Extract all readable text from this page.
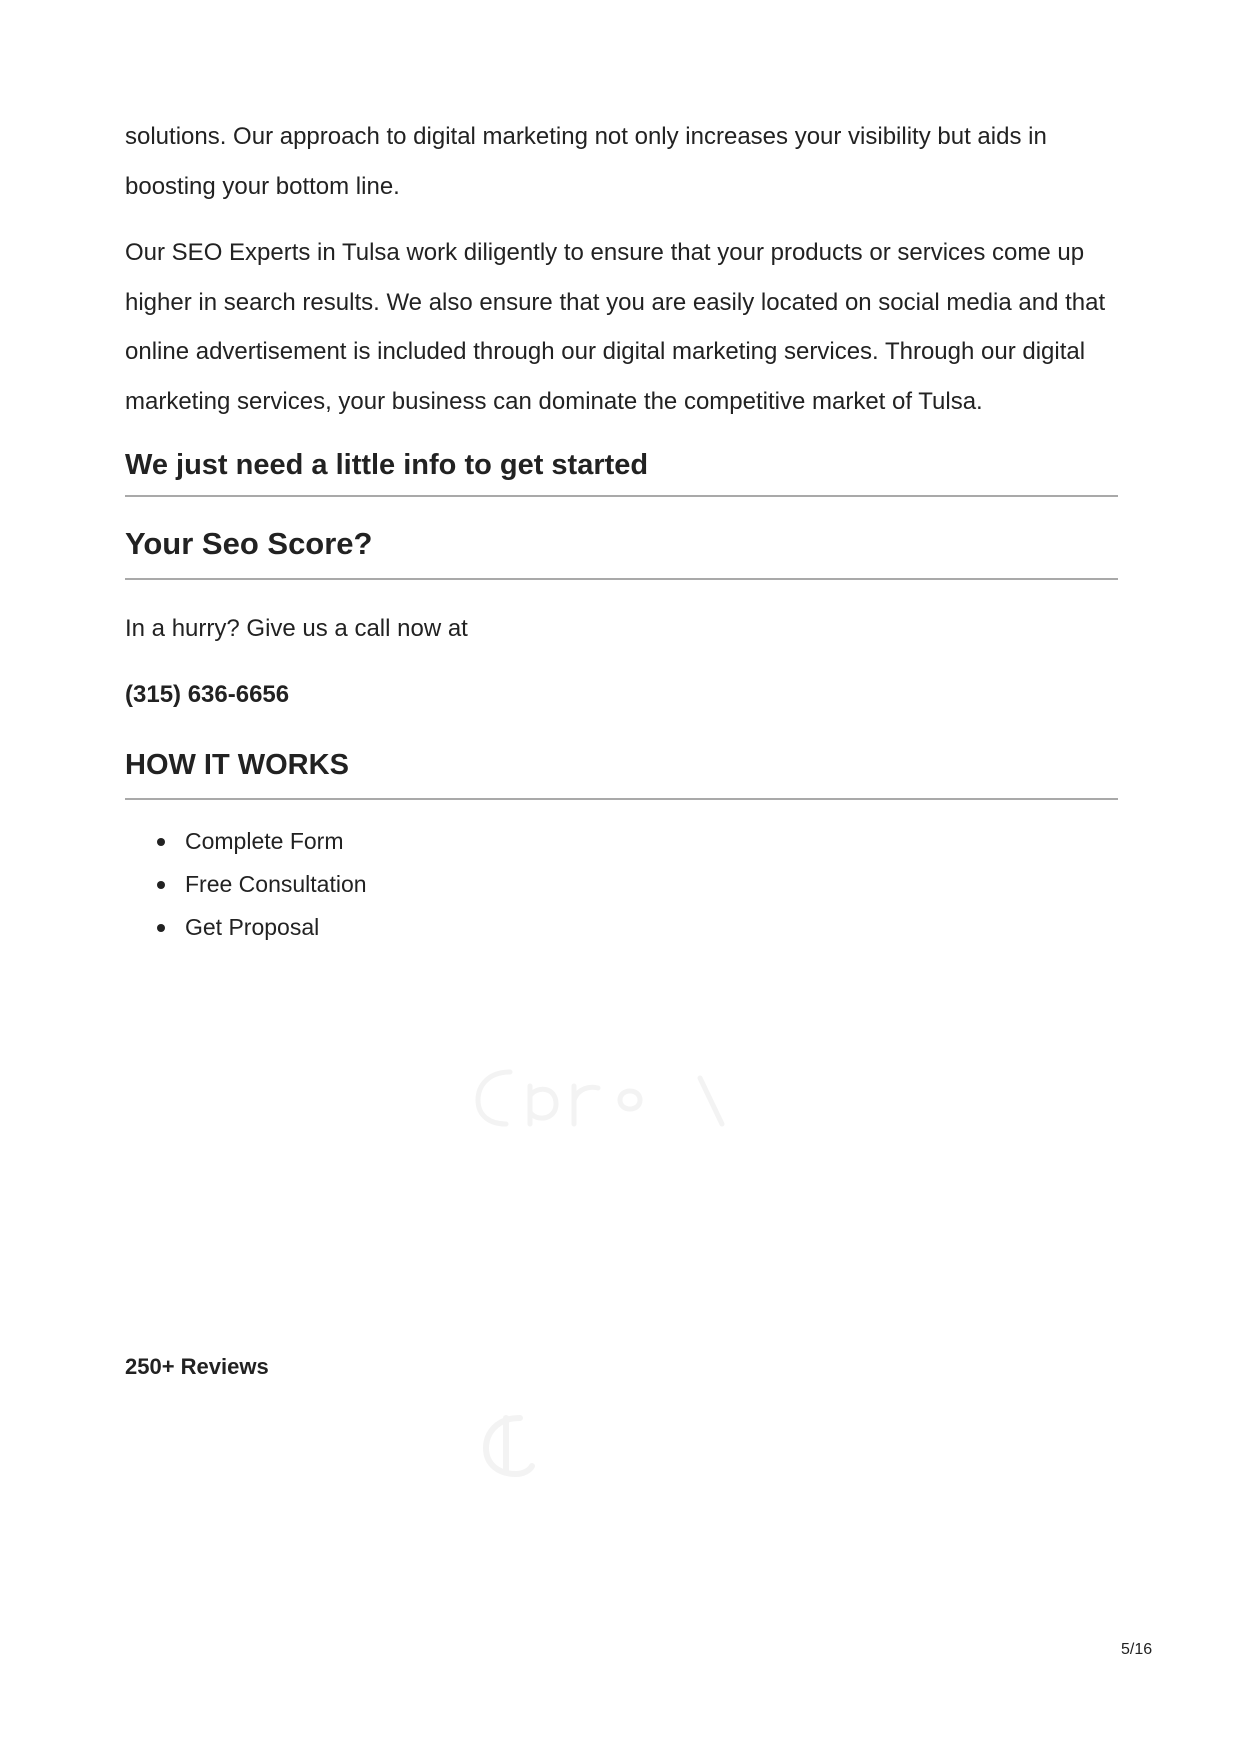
solutions. Our approach to digital marketing not only increases your visibility but aids in boosting your bottom line.

Our SEO Experts in Tulsa work diligently to ensure that your products or services come up higher in search results. We also ensure that you are easily located on social media and that online advertisement is included through our digital marketing services. Through our digital marketing services, your business can dominate the competitive market of Tulsa.

We just need a little info to get started
Your Seo Score?
In a hurry? Give us a call now at
(315) 636-6656
HOW IT WORKS
Complete Form
Free Consultation
Get Proposal
250+ Reviews
5/16
